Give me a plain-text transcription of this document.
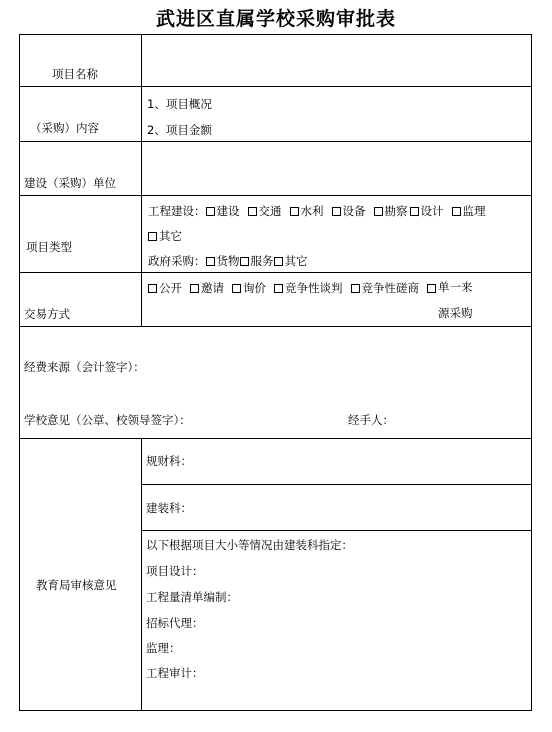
武进区直属学校采购审批表
项目名称
（采购）内容
1、项目概况
2、项目金额
建设（采购）单位
项目类型
工程建设： 建设 交通 水利 设备 勘察 设计 监理
其它
政府采购： 货物 服务 其它
交易方式
公开 邀请 询价 竞争性谈判 竞争性磋商 单一来源采购
经费来源（会计签字）：
学校意见（公章、校领导签字）：	经手人：
教育局审核意见
规财科：
建装科：
以下根据项目大小等情况由建装科指定：
项目设计：
工程量清单编制：
招标代理：
监理：
工程审计：
